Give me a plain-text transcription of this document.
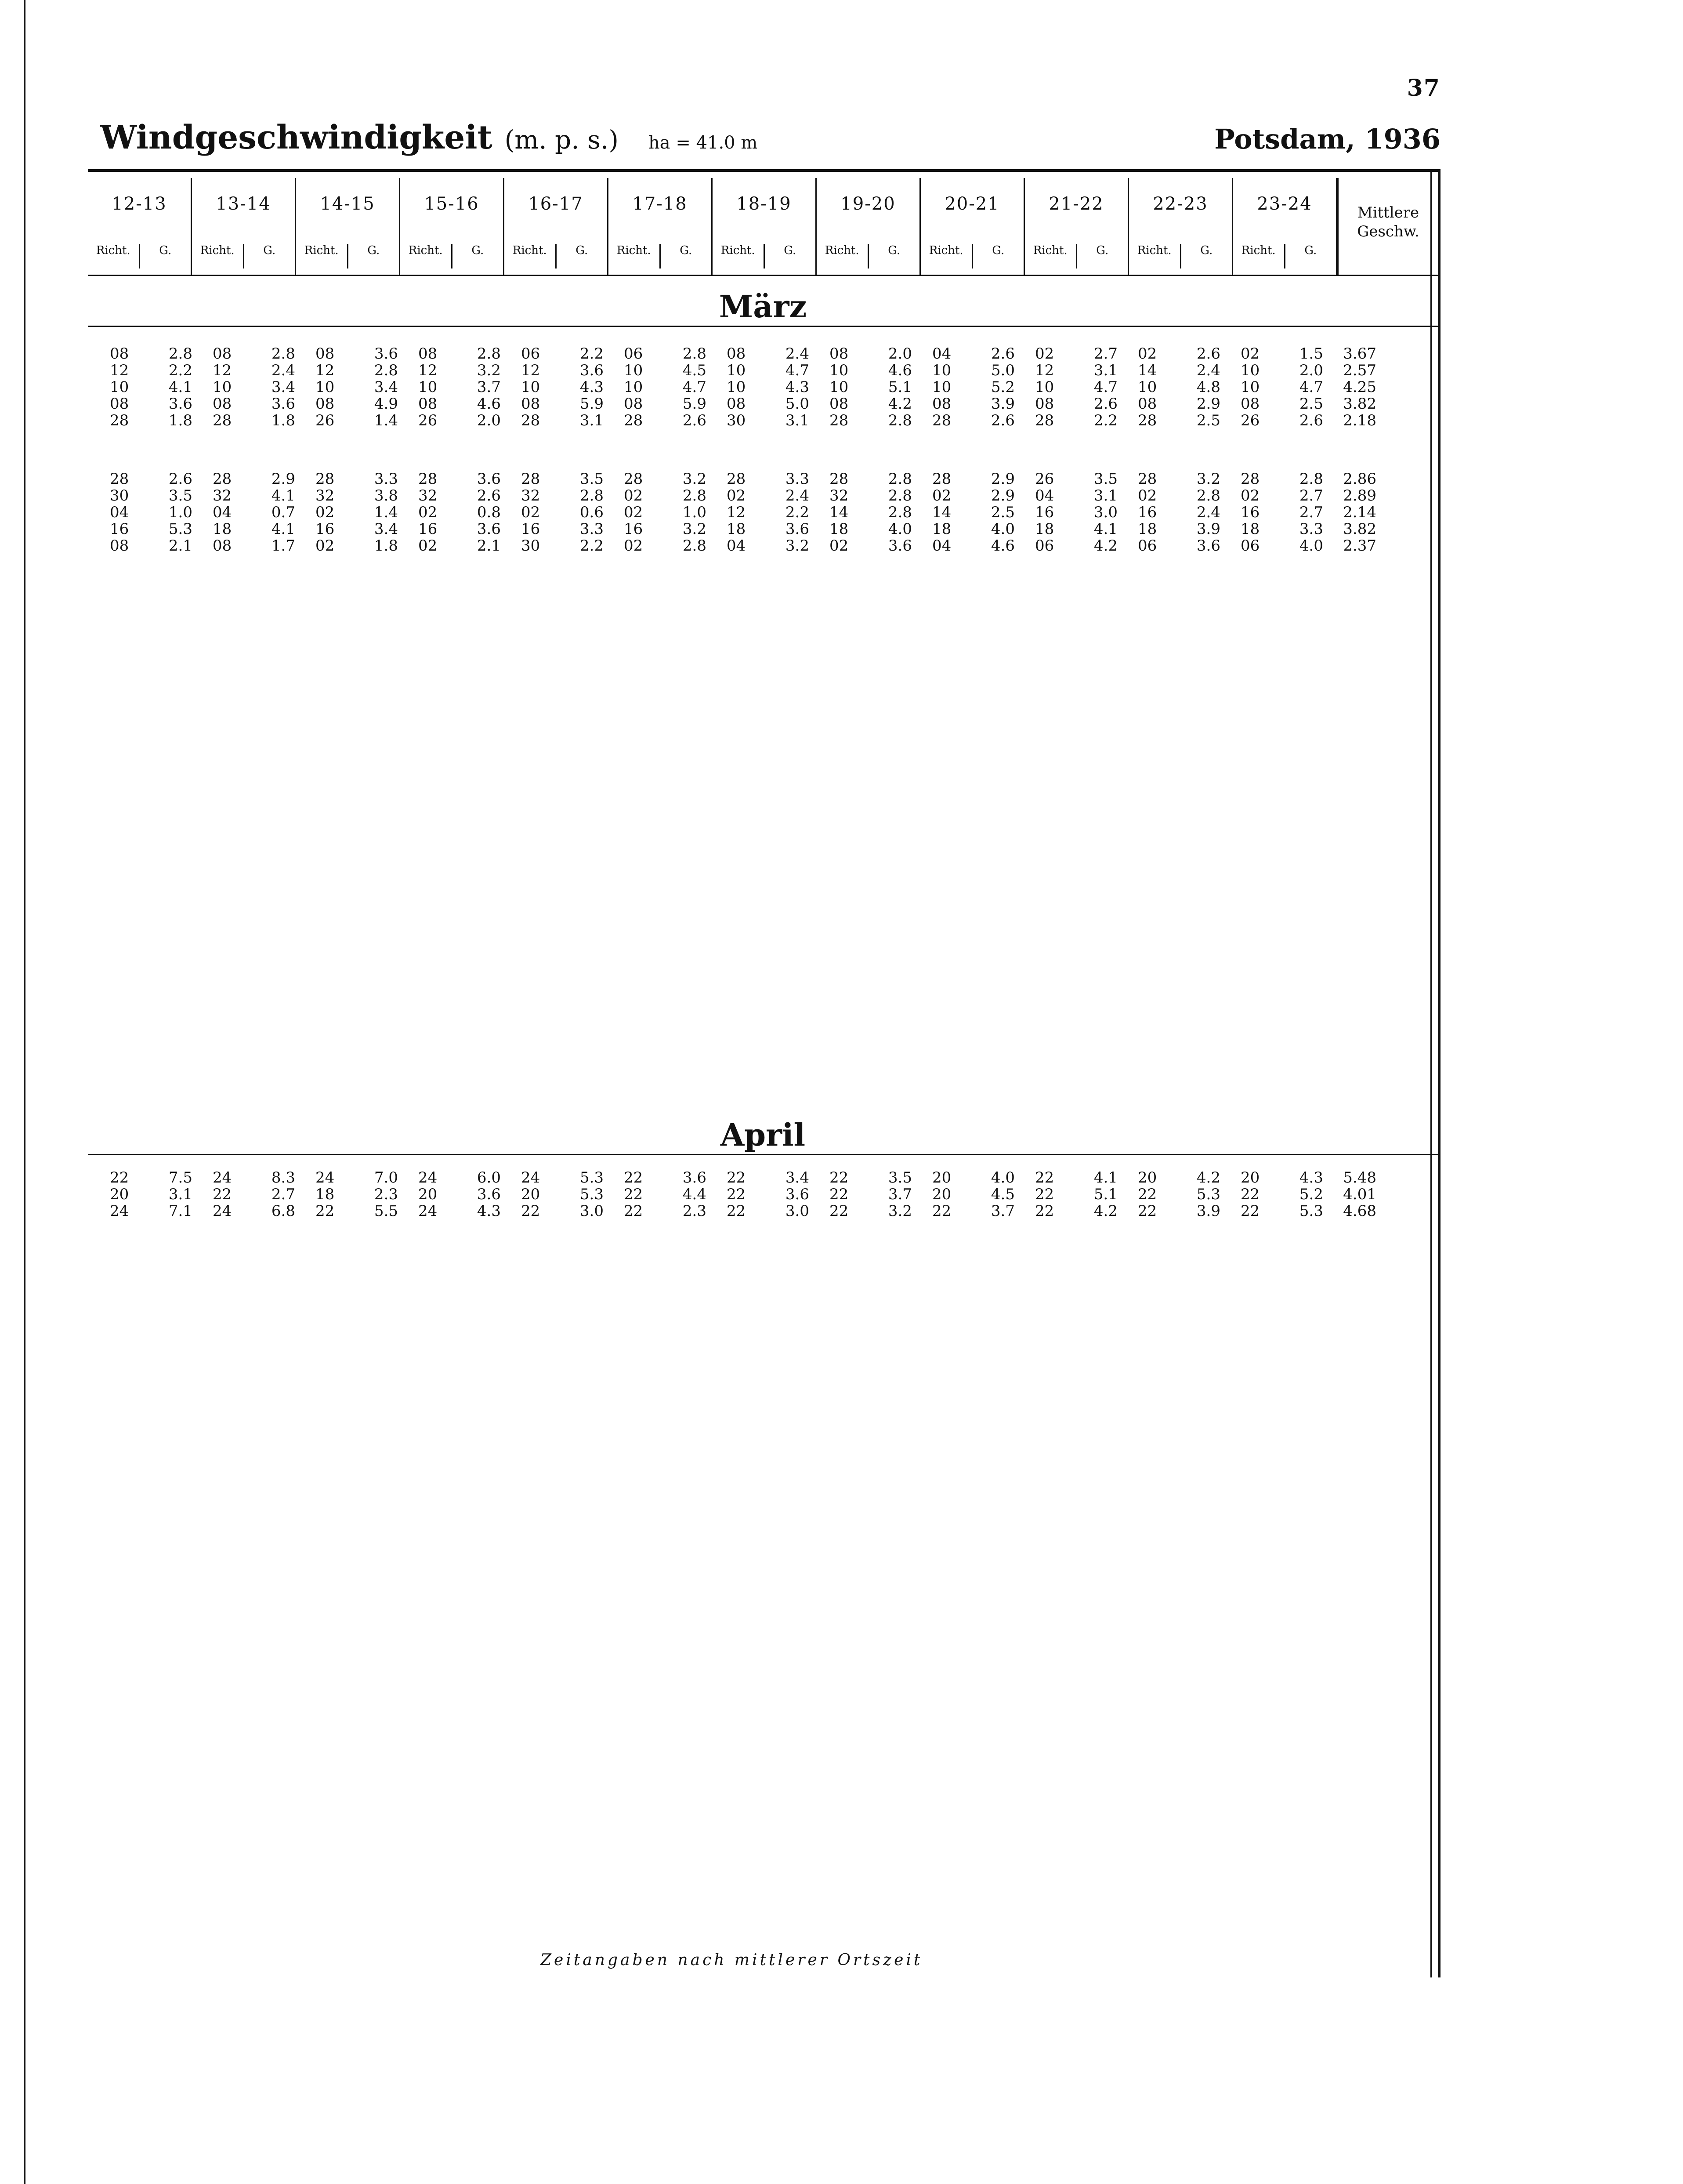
37
Windgeschwindigkeit (m. p. s.) ha = 41.0 m	Potsdam, 1936
12-13
Richt.	G.
13-14
Richt.	G.
14-15
Richt.	G.
15-16
Richt.	G.
16-17
Richt.	G.
17-18
Richt.	G.
18-19
Richt.	G.
19-20
Richt.	G.
20-21
Richt.	G.
21-22
Richt.	G.
22-23
Richt.	G.
23-24
Richt.	G.
Mittlere Geschw.
März
08	2.8	08	2.8	08	3.6	08	2.8	06	2.2	06	2.8	08	2.4	08	2.0	04	2.6	02	2.7	02	2.6	02	1.5	3.67
12	2.2	12	2.4	12	2.8	12	3.2	12	3.6	10	4.5	10	4.7	10	4.6	10	5.0	12	3.1	14	2.4	10	2.0	2.57
10	4.1	10	3.4	10	3.4	10	3.7	10	4.3	10	4.7	10	4.3	10	5.1	10	5.2	10	4.7	10	4.8	10	4.7	4.25
08	3.6	08	3.6	08	4.9	08	4.6	08	5.9	08	5.9	08	5.0	08	4.2	08	3.9	08	2.6	08	2.9	08	2.5	3.82
28	1.8	28	1.8	26	1.4	26	2.0	28	3.1	28	2.6	30	3.1	28	2.8	28	2.6	28	2.2	28	2.5	26	2.6	2.18
28	2.6	28	2.9	28	3.3	28	3.6	28	3.5	28	3.2	28	3.3	28	2.8	28	2.9	26	3.5	28	3.2	28	2.8	2.86
30	3.5	32	4.1	32	3.8	32	2.6	32	2.8	02	2.8	02	2.4	32	2.8	02	2.9	04	3.1	02	2.8	02	2.7	2.89
04	1.0	04	0.7	02	1.4	02	0.8	02	0.6	02	1.0	12	2.2	14	2.8	14	2.5	16	3.0	16	2.4	16	2.7	2.14
16	5.3	18	4.1	16	3.4	16	3.6	16	3.3	16	3.2	18	3.6	18	4.0	18	4.0	18	4.1	18	3.9	18	3.3	3.82
08	2.1	08	1.7	02	1.8	02	2.1	30	2.2	02	2.8	04	3.2	02	3.6	04	4.6	06	4.2	06	3.6	06	4.0	2.37
April
22	7.5	24	8.3	24	7.0	24	6.0	24	5.3	22	3.6	22	3.4	22	3.5	20	4.0	22	4.1	20	4.2	20	4.3	5.48
20	3.1	22	2.7	18	2.3	20	3.6	20	5.3	22	4.4	22	3.6	22	3.7	20	4.5	22	5.1	22	5.3	22	5.2	4.01
24	7.1	24	6.8	22	5.5	24	4.3	22	3.0	22	2.3	22	3.0	22	3.2	22	3.7	22	4.2	22	3.9	22	5.3	4.68
Zeitangaben nach mittlerer Ortszeit
